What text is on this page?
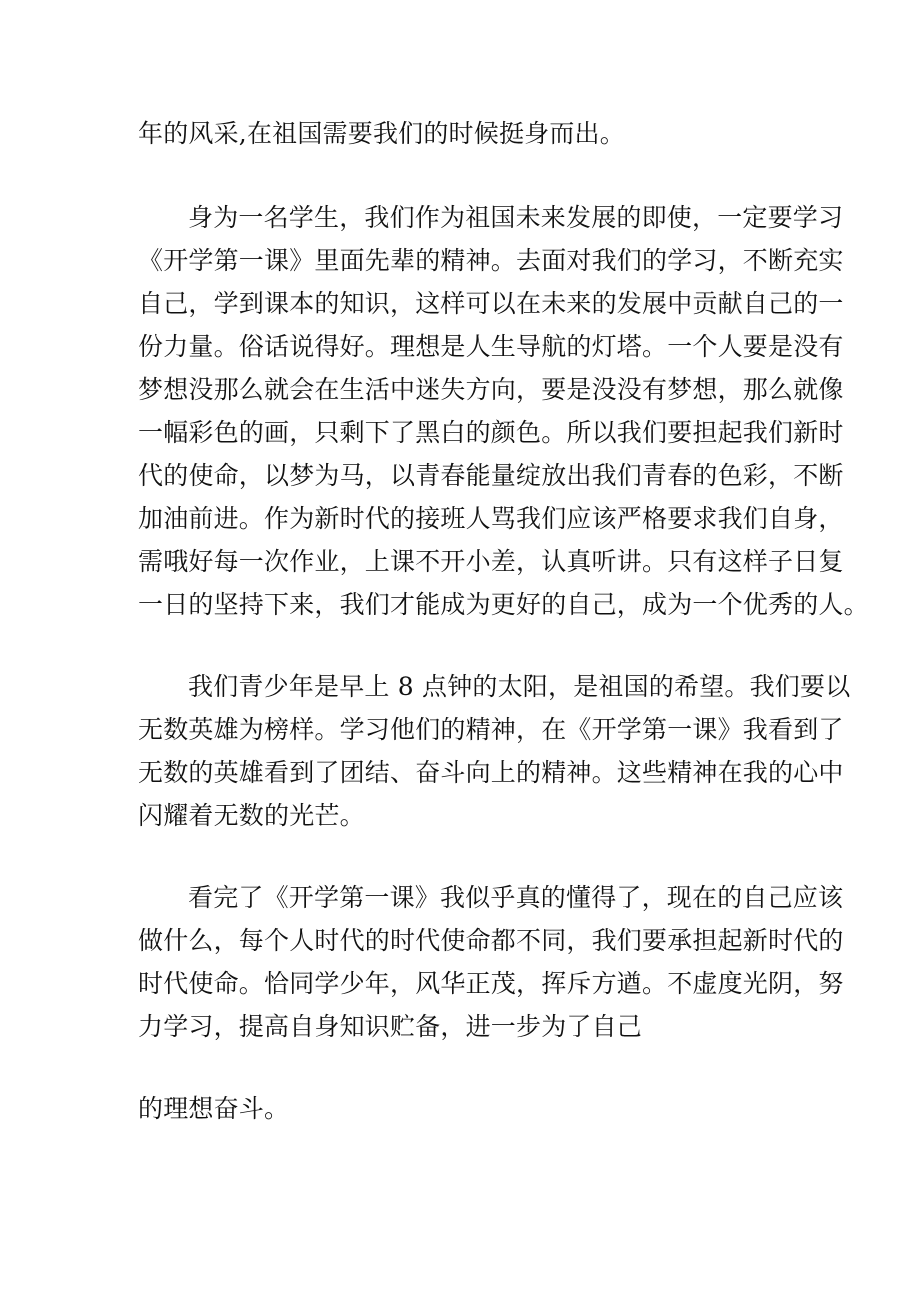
年的风采,在祖国需要我们的时候挺身而出。
身为一名学生，我们作为祖国未来发展的即使，一定要学习
《开学第一课》里面先辈的精神。去面对我们的学习，不断充实
自己，学到课本的知识，这样可以在未来的发展中贡献自己的一
份力量。俗话说得好。理想是人生导航的灯塔。一个人要是没有
梦想没那么就会在生活中迷失方向，要是没没有梦想，那么就像
一幅彩色的画，只剩下了黑白的颜色。所以我们要担起我们新时
代的使命，以梦为马，以青春能量绽放出我们青春的色彩，不断
加油前进。作为新时代的接班人骂我们应该严格要求我们自身，
需哦好每一次作业，上课不开小差，认真听讲。只有这样子日复
一日的坚持下来，我们才能成为更好的自己，成为一个优秀的人。
我们青少年是早上 8 点钟的太阳，是祖国的希望。我们要以
无数英雄为榜样。学习他们的精神，在《开学第一课》我看到了
无数的英雄看到了团结、奋斗向上的精神。这些精神在我的心中
闪耀着无数的光芒。
看完了《开学第一课》我似乎真的懂得了，现在的自己应该
做什么，每个人时代的时代使命都不同，我们要承担起新时代的
时代使命。恰同学少年，风华正茂，挥斥方遒。不虚度光阴，努
力学习，提高自身知识贮备，进一步为了自己
的理想奋斗。
